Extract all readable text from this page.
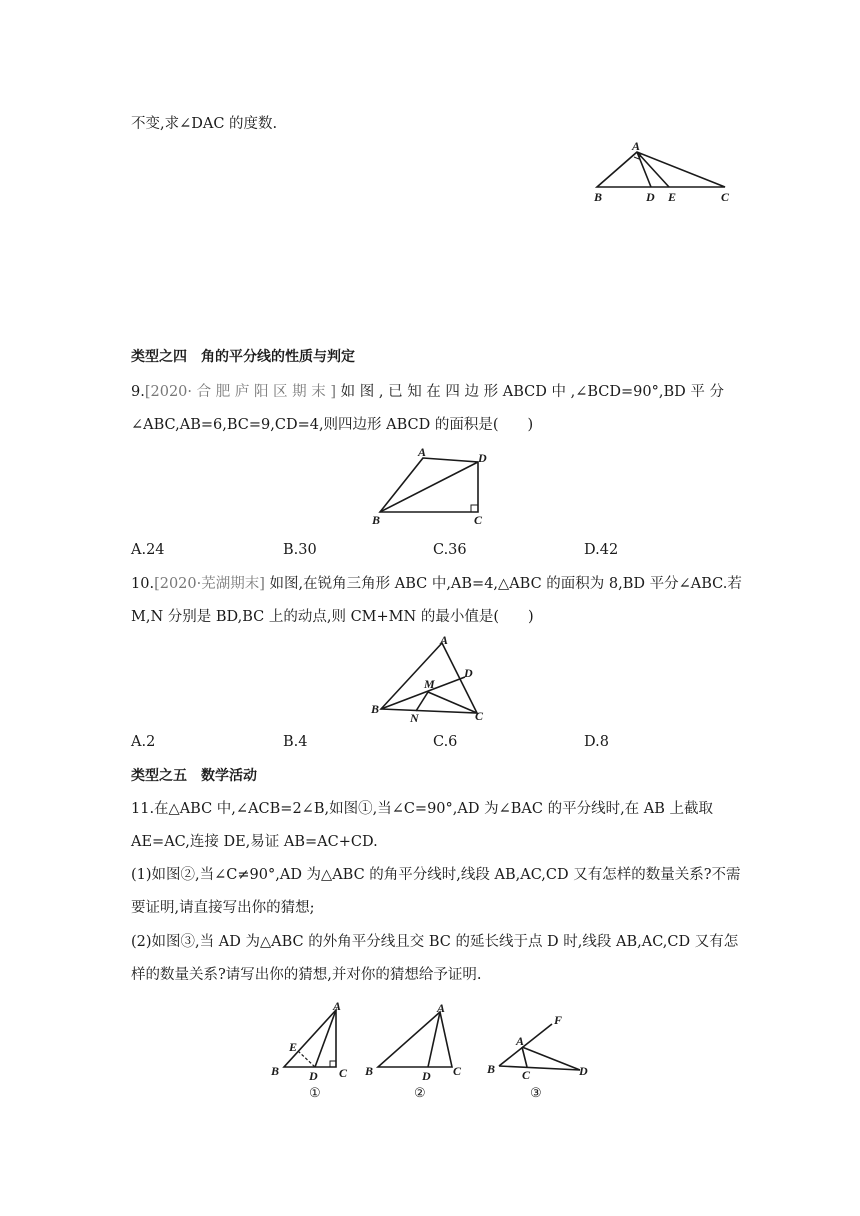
不变,求∠DAC 的度数.
A
B	D E	C
类型之四　角的平分线的性质与判定
9.[2020· 合 肥 庐 阳 区 期 末 ] 如 图 , 已 知 在 四 边 形 ABCD 中 ,∠BCD=90°,BD 平 分
∠ABC,AB=6,BC=9,CD=4,则四边形 ABCD 的面积是(　　)
A	D
B	C
A.24	B.30	C.36	D.42
10.[2020·芜湖期末] 如图,在锐角三角形 ABC 中,AB=4,△ABC 的面积为 8,BD 平分∠ABC.若
M,N 分别是 BD,BC 上的动点,则 CM+MN 的最小值是(　　)
A
D
M
B
N	C
A.2	B.4	C.6	D.8
类型之五　数学活动
11.在△ABC 中,∠ACB=2∠B,如图①,当∠C=90°,AD 为∠BAC 的平分线时,在 AB 上截取
AE=AC,连接 DE,易证 AB=AC+CD.
(1)如图②,当∠C≠90°,AD 为△ABC 的角平分线时,线段 AB,AC,CD 又有怎样的数量关系?不需
要证明,请直接写出你的猜想;
(2)如图③,当 AD 为△ABC 的外角平分线且交 BC 的延长线于点 D 时,线段 AB,AC,CD 又有怎
样的数量关系?请写出你的猜想,并对你的猜想给予证明.
A
E
B D C
①
A
B	D C
②
F
A
B C	D
③
